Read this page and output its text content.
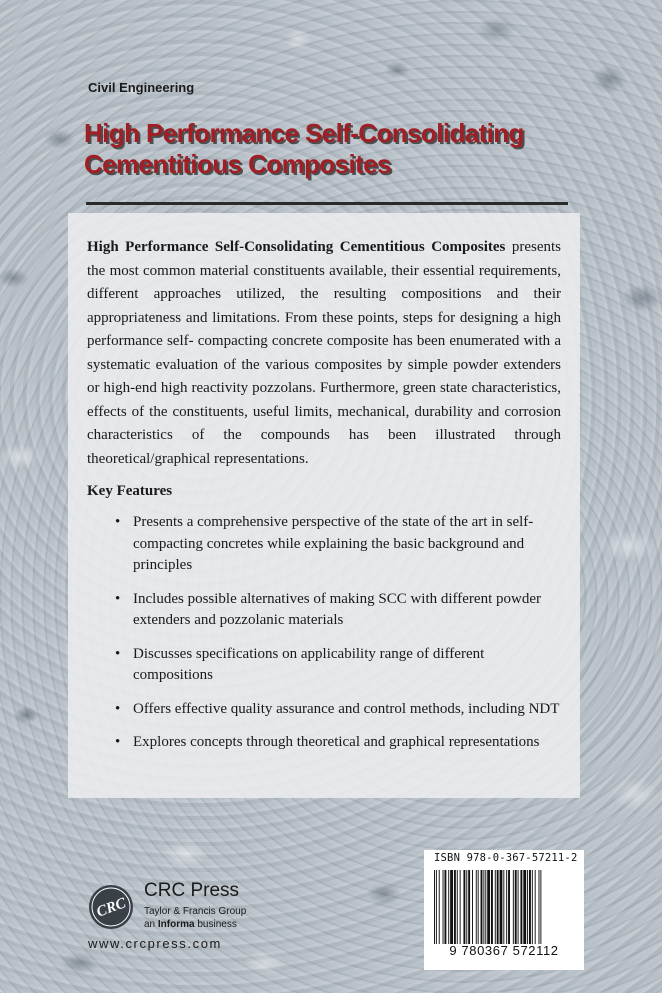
Civil Engineering
High Performance Self-Consolidating
Cementitious Composites

High Performance Self-Consolidating Cementitious Composites presents the most common material constituents available, their essential requirements, different approaches utilized, the resulting compositions and their appropriateness and limitations. From these points, steps for designing a high performance self- compacting concrete composite has been enumerated with a systematic evaluation of the various composites by simple powder extenders or high-end high reactivity pozzolans. Furthermore, green state characteristics, effects of the constituents, useful limits, mechanical, durability and corrosion characteristics of the compounds has been illustrated through theoretical/graphical representations.

Key Features
• Presents a comprehensive perspective of the state of the art in self-compacting concretes while explaining the basic background and principles
• Includes possible alternatives of making SCC with different powder extenders and pozzolanic materials
• Discusses specifications on applicability range of different compositions
• Offers effective quality assurance and control methods, including NDT
• Explores concepts through theoretical and graphical representations
CRC
CRC Press
Taylor & Francis Group
an Informa business
www.crcpress.com
ISBN 978-0-367-57211-2
9 780367 572112
